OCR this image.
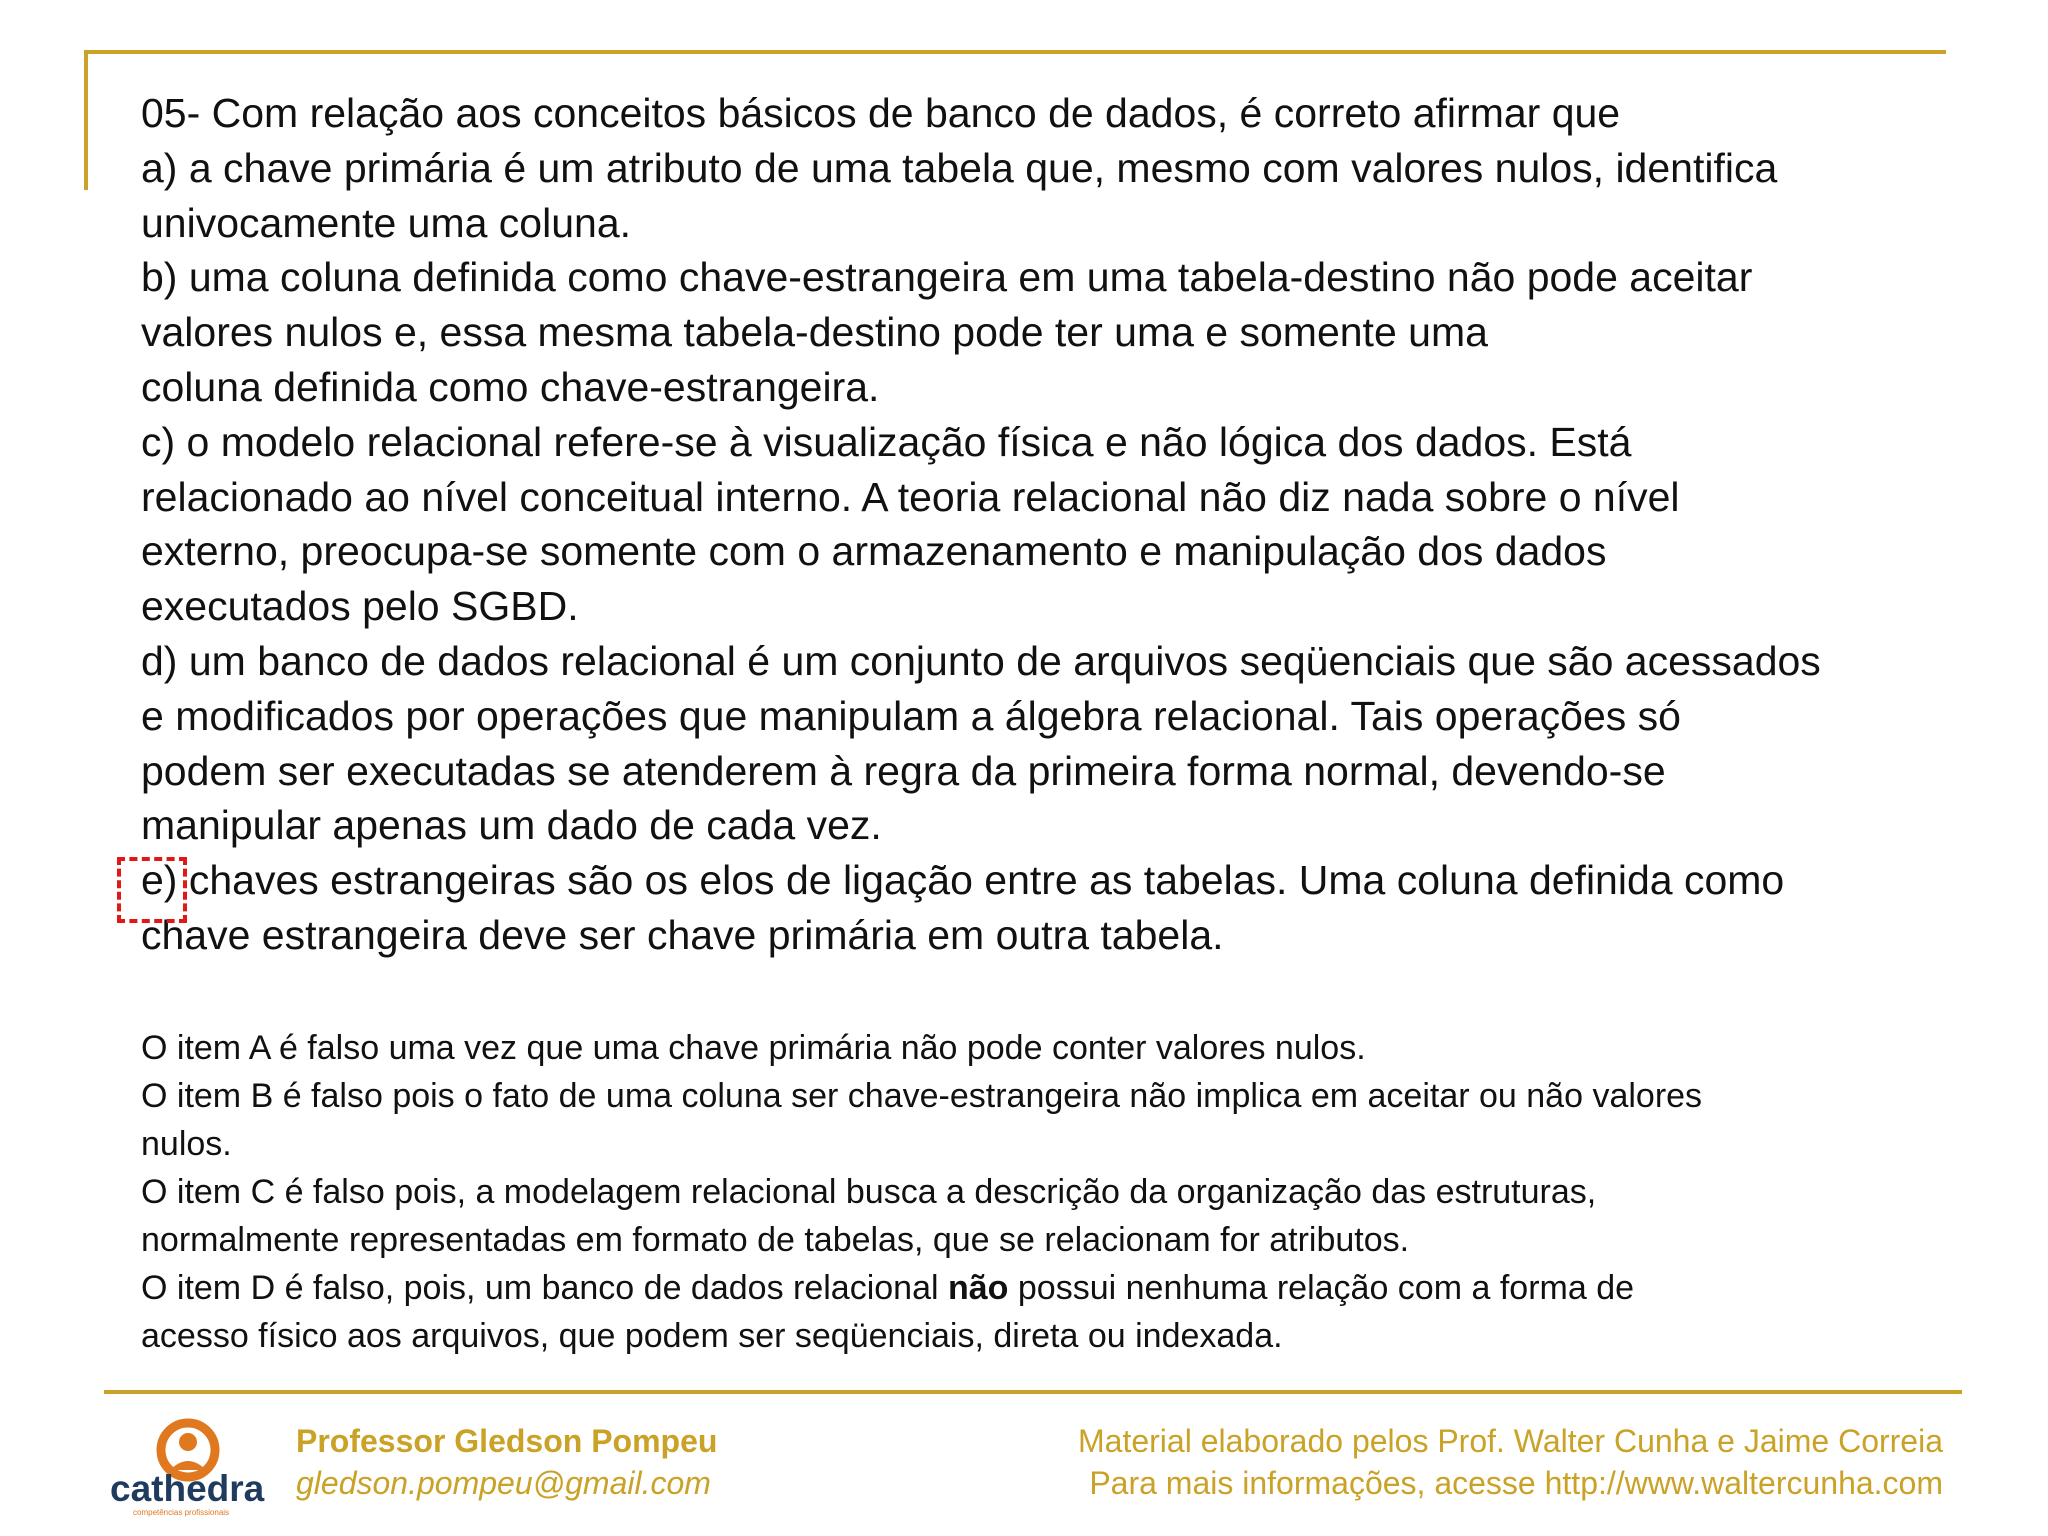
05- Com relação aos conceitos básicos de banco de dados, é correto afirmar que

a) a chave primária é um atributo de uma tabela que, mesmo com valores nulos, identifica

univocamente uma coluna.

b) uma coluna definida como chave-estrangeira em uma tabela-destino não pode aceitar

valores nulos e, essa mesma tabela-destino pode ter uma e somente uma

coluna definida como chave-estrangeira.

c) o modelo relacional refere-se à visualização física e não lógica dos dados. Está

relacionado ao nível conceitual interno. A teoria relacional não diz nada sobre o nível

externo, preocupa-se somente com o armazenamento e manipulação dos dados

executados pelo SGBD.

d) um banco de dados relacional é um conjunto de arquivos seqüenciais que são acessados

e modificados por operações que manipulam a álgebra relacional. Tais operações só

podem ser executadas se atenderem à regra da primeira forma normal, devendo-se

manipular apenas um dado de cada vez.

e) chaves estrangeiras são os elos de ligação entre as tabelas. Uma coluna definida como

chave estrangeira deve ser chave primária em outra tabela.

O item A é falso uma vez que uma chave primária não pode conter valores nulos.

O item B é falso pois o fato de uma coluna ser chave-estrangeira não implica em aceitar ou não valores

nulos.

O item C é falso pois, a modelagem relacional busca a descrição da organização das estruturas,

normalmente representadas em formato de tabelas, que se relacionam for atributos.

O item D é falso, pois, um banco de dados relacional não possui nenhuma relação com a forma de

acesso físico aos arquivos, que podem ser seqüenciais, direta ou indexada.

cathedra
competências profissionais
Professor Gledson Pompeu
gledson.pompeu@gmail.com
Material elaborado pelos Prof. Walter Cunha e Jaime Correia
Para mais informações, acesse http://www.waltercunha.com
